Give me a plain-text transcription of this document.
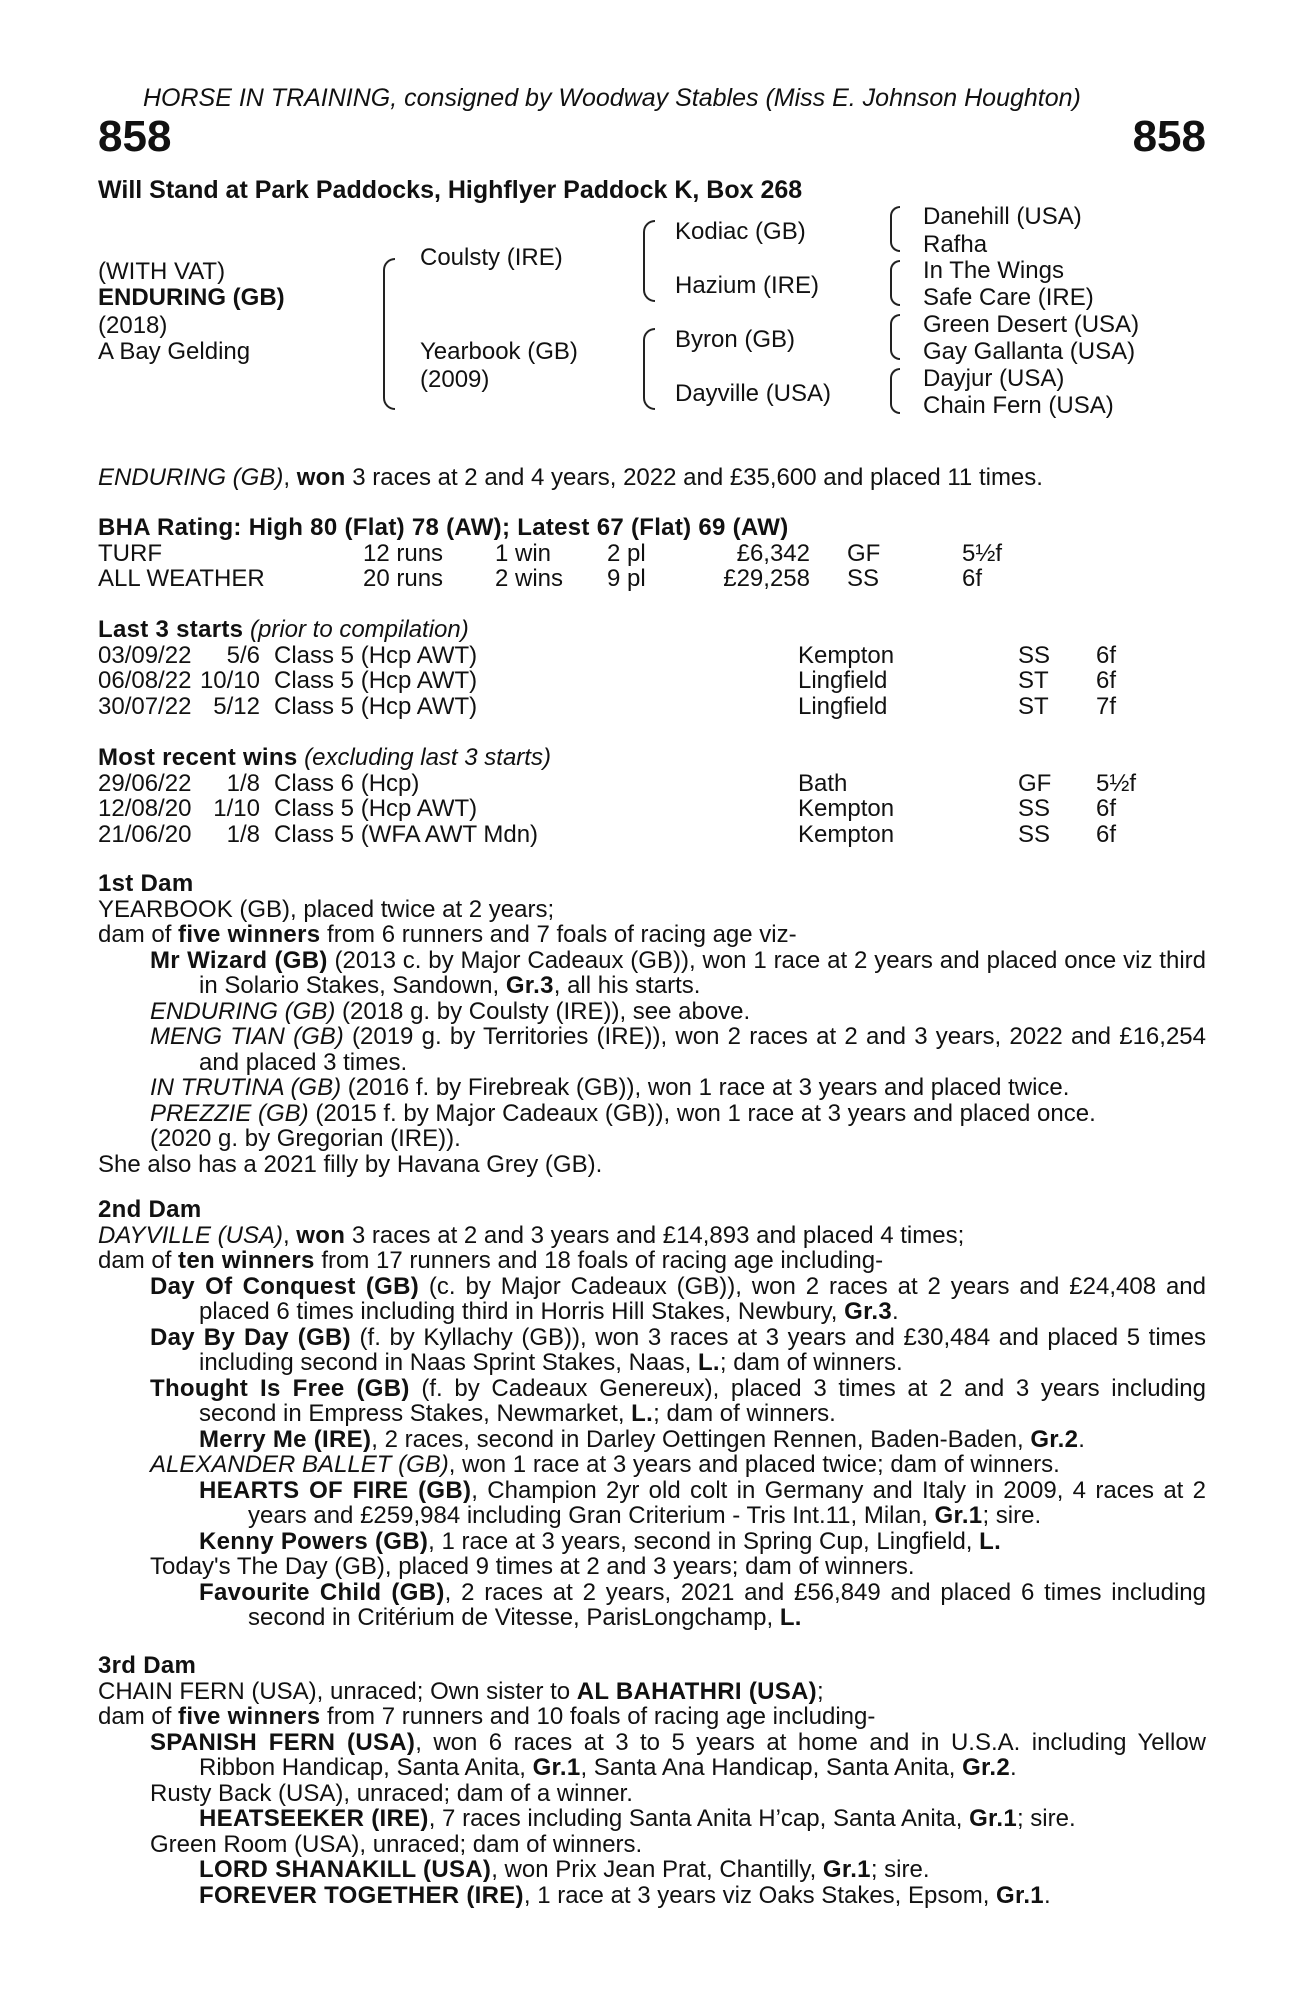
HORSE IN TRAINING, consigned by Woodway Stables (Miss E. Johnson Houghton)
858	858
Will Stand at Park Paddocks, Highflyer Paddock K, Box 268
(WITH VAT)
ENDURING (GB)
(2018)
A Bay Gelding
Coulsty (IRE)
Yearbook (GB)
(2009)
Kodiac (GB)
Hazium (IRE)
Byron (GB)
Dayville (USA)
Danehill (USA)
Rafha
In The Wings
Safe Care (IRE)
Green Desert (USA)
Gay Gallanta (USA)
Dayjur (USA)
Chain Fern (USA)
ENDURING (GB) , won 3 races at 2 and 4 years, 2022 and £35,600 and placed 11 times.
BHA Rating: High 80 (Flat) 78 (AW); Latest 67 (Flat) 69 (AW)
TURF	12 runs	1 win	2 pl	£6,342 GF	5½f
ALL WEATHER	20 runs	2 wins	9 pl	£29,258 SS	6f
Last 3 starts (prior to compilation)
03/09/22	5/6 Class 5 (Hcp AWT)	Kempton	SS	6f
06/08/22 10/10 Class 5 (Hcp AWT)	Lingfield	ST	6f
30/07/22 5/12 Class 5 (Hcp AWT)	Lingfield	ST	7f
Most recent wins (excluding last 3 starts)
29/06/22	1/8 Class 6 (Hcp)	Bath	GF	5½f
12/08/20 1/10 Class 5 (Hcp AWT)	Kempton	SS	6f
21/06/20	1/8 Class 5 (WFA AWT Mdn)	Kempton	SS	6f
1st Dam
YEARBOOK (GB), placed twice at 2 years;
dam of five winners from 6 runners and 7 foals of racing age viz-
Mr Wizard (GB) (2013 c. by Major Cadeaux (GB)), won 1 race at 2 years and placed once viz third in Solario Stakes, Sandown, Gr.3, all his starts.
ENDURING (GB) (2018 g. by Coulsty (IRE)), see above.
MENG TIAN (GB) (2019 g. by Territories (IRE)), won 2 races at 2 and 3 years, 2022 and £16,254 and placed 3 times.
IN TRUTINA (GB) (2016 f. by Firebreak (GB)), won 1 race at 3 years and placed twice.
PREZZIE (GB) (2015 f. by Major Cadeaux (GB)), won 1 race at 3 years and placed once.
(2020 g. by Gregorian (IRE)).
She also has a 2021 filly by Havana Grey (GB).
2nd Dam
DAYVILLE (USA) , won 3 races at 2 and 3 years and £14,893 and placed 4 times;
dam of ten winners from 17 runners and 18 foals of racing age including-
Day Of Conquest (GB) (c. by Major Cadeaux (GB)), won 2 races at 2 years and £24,408 and placed 6 times including third in Horris Hill Stakes, Newbury, Gr.3.
Day By Day (GB) (f. by Kyllachy (GB)), won 3 races at 3 years and £30,484 and placed 5 times including second in Naas Sprint Stakes, Naas, L.; dam of winners.
Thought Is Free (GB) (f. by Cadeaux Genereux), placed 3 times at 2 and 3 years including second in Empress Stakes, Newmarket, L.; dam of winners.
Merry Me (IRE), 2 races, second in Darley Oettingen Rennen, Baden-Baden, Gr.2.
ALEXANDER BALLET (GB), won 1 race at 3 years and placed twice; dam of winners.
HEARTS OF FIRE (GB), Champion 2yr old colt in Germany and Italy in 2009, 4 races at 2 years and £259,984 including Gran Criterium - Tris Int.11, Milan, Gr.1; sire.
Kenny Powers (GB), 1 race at 3 years, second in Spring Cup, Lingfield, L.
Today's The Day (GB), placed 9 times at 2 and 3 years; dam of winners.
Favourite Child (GB), 2 races at 2 years, 2021 and £56,849 and placed 6 times including second in Critérium de Vitesse, ParisLongchamp, L.
3rd Dam
CHAIN FERN (USA), unraced; Own sister to AL BAHATHRI (USA) ;
dam of five winners from 7 runners and 10 foals of racing age including-
SPANISH FERN (USA), won 6 races at 3 to 5 years at home and in U.S.A. including Yellow Ribbon Handicap, Santa Anita, Gr.1, Santa Ana Handicap, Santa Anita, Gr.2.
Rusty Back (USA), unraced; dam of a winner.
HEATSEEKER (IRE), 7 races including Santa Anita H’cap, Santa Anita, Gr.1; sire.
Green Room (USA), unraced; dam of winners.
LORD SHANAKILL (USA), won Prix Jean Prat, Chantilly, Gr.1; sire.
FOREVER TOGETHER (IRE), 1 race at 3 years viz Oaks Stakes, Epsom, Gr.1.
